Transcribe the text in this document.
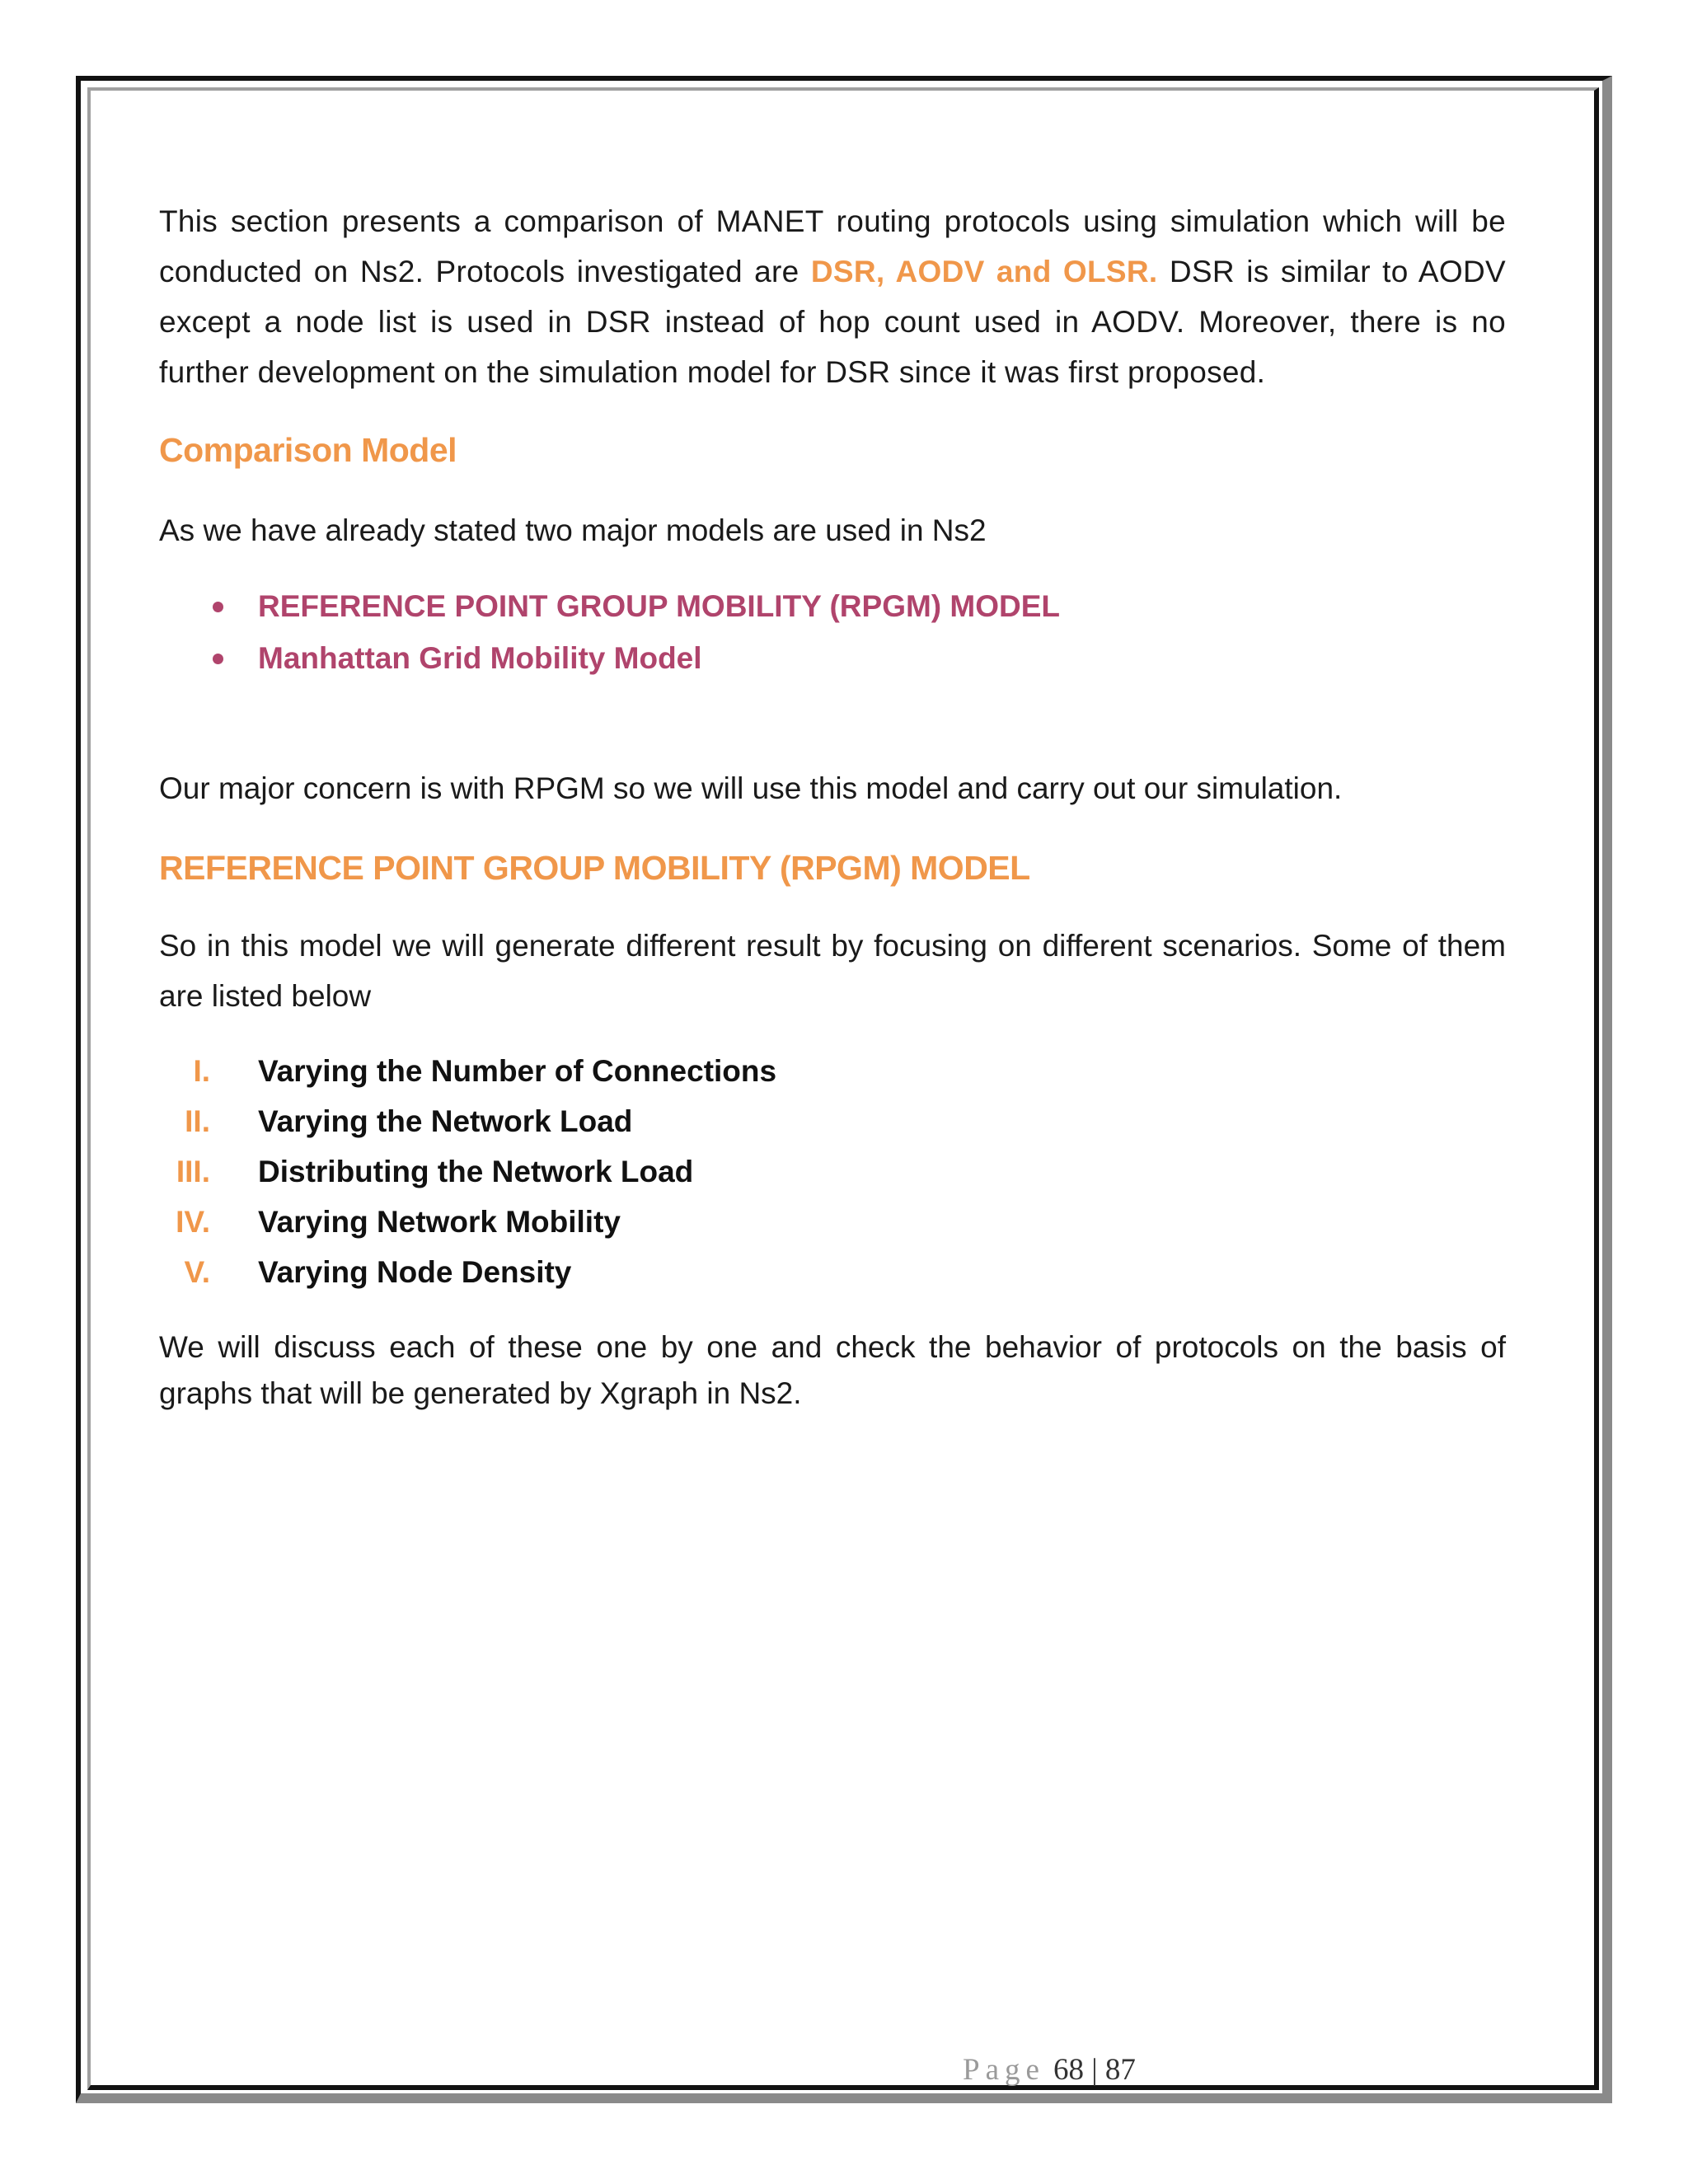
This section presents a comparison of MANET routing protocols using simulation which will be conducted on Ns2. Protocols investigated are DSR, AODV and OLSR. DSR is similar to AODV except a node list is used in DSR instead of hop count used in AODV. Moreover, there is no further development on the simulation model for DSR since it was first proposed.

Comparison Model

As we have already stated two major models are used in Ns2

REFERENCE POINT GROUP MOBILITY (RPGM) MODEL
Manhattan Grid Mobility Model

Our major concern is with RPGM so we will use this model and carry out our simulation.

REFERENCE POINT GROUP MOBILITY (RPGM) MODEL

So in this model we will generate different result by focusing on different scenarios. Some of them are listed below

I. Varying the Number of Connections
II. Varying the Network Load
III. Distributing the Network Load
IV. Varying Network Mobility
V. Varying Node Density

We will discuss each of these one by one and check the behavior of protocols on the basis of graphs that will be generated by Xgraph in Ns2.

Page 68 | 87
